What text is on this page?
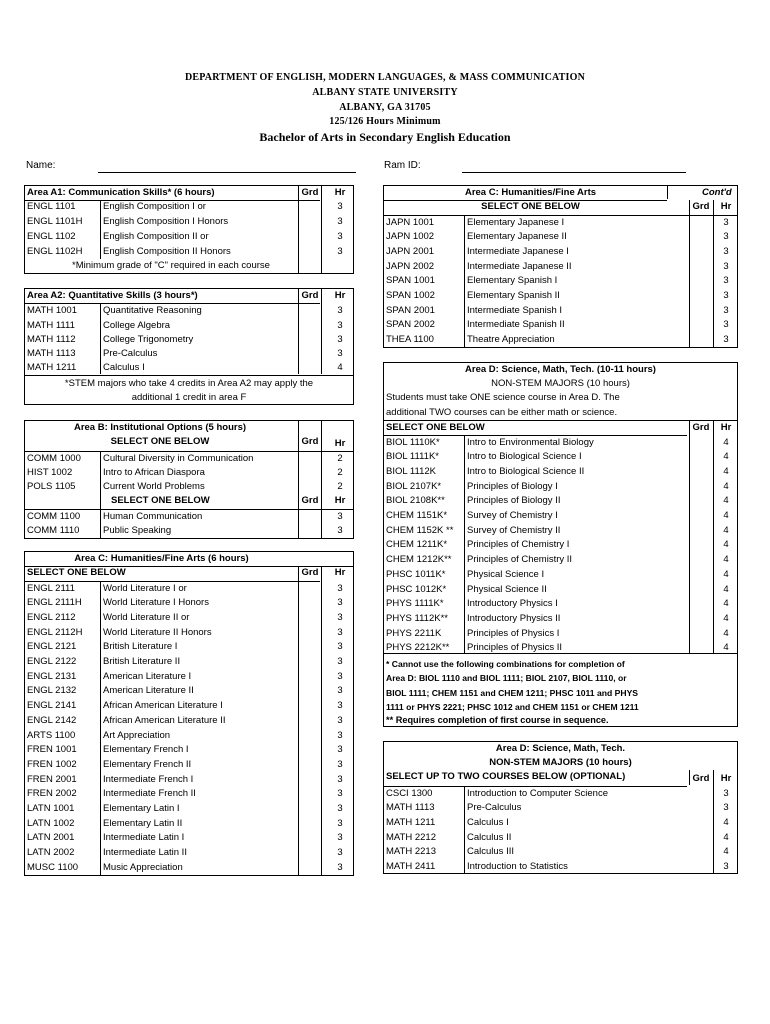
DEPARTMENT OF ENGLISH, MODERN LANGUAGES, & MASS COMMUNICATION
ALBANY STATE UNIVERSITY
ALBANY, GA 31705
125/126 Hours Minimum
Bachelor of Arts in Secondary English Education
Name:	Ram ID:
Area A1: Communication Skills* (6 hours)	Grd	Hr
ENGL 1101	English Composition I or	3
ENGL 1101H English Composition I Honors	3
ENGL 1102	English Composition II or	3
ENGL 1102H English Composition II Honors	3
*Minimum grade of "C" required in each course
Area A2: Quantitative Skills (3 hours*)	Grd	Hr
MATH 1001	Quantitative Reasoning	3
MATH 1111	College Algebra	3
MATH 1112	College Trigonometry	3
MATH 1113	Pre-Calculus	3
MATH 1211	Calculus I	4
*STEM majors who take 4 credits in Area A2 may apply the
additional 1 credit in area F
Area B: Institutional Options (5 hours)
SELECT ONE BELOW	Grd	Hr
COMM 1000 Cultural Diversity in Communication	2
HIST 1002	Intro to African Diaspora	2
POLS 1105	Current World Problems	2
SELECT ONE BELOW	Grd	Hr
COMM 1100 Human Communication	3
COMM 1110 Public Speaking	3
Area C: Humanities/Fine Arts (6 hours)
SELECT ONE BELOW	Grd	Hr
ENGL 2111	World Literature I or	3
ENGL 2111H World Literature I Honors	3
ENGL 2112	World Literature II or	3
ENGL 2112H World Literature II Honors	3
ENGL 2121	British Literature I	3
ENGL 2122	British Literature II	3
ENGL 2131	American Literature I	3
ENGL 2132	American Literature II	3
ENGL 2141	African American Literature I	3
ENGL 2142	African American Literature II	3
ARTS 1100	Art Appreciation	3
FREN 1001	Elementary French I	3
FREN 1002	Elementary French II	3
FREN 2001	Intermediate French I	3
FREN 2002	Intermediate French II	3
LATN 1001	Elementary Latin I	3
LATN 1002	Elementary Latin II	3
LATN 2001	Intermediate Latin I	3
LATN 2002	Intermediate Latin II	3
MUSC 1100	Music Appreciation	3
Area C: Humanities/Fine Arts	Cont'd
SELECT ONE BELOW	Grd	Hr
JAPN 1001	Elementary Japanese I	3
JAPN 1002	Elementary Japanese II	3
JAPN 2001	Intermediate Japanese I	3
JAPN 2002	Intermediate Japanese II	3
SPAN 1001	Elementary Spanish I	3
SPAN 1002	Elementary Spanish II	3
SPAN 2001	Intermediate Spanish I	3
SPAN 2002	Intermediate Spanish II	3
THEA 1100	Theatre Appreciation	3
Area D: Science, Math, Tech. (10-11 hours)
NON-STEM MAJORS (10 hours)
Students must take ONE science course in Area D. The
additional TWO courses can be either math or science.
SELECT ONE BELOW	Grd	Hr
BIOL 1110K*	Intro to Environmental Biology	4
BIOL 1111K*	Intro to Biological Science I	4
BIOL 1112K	Intro to Biological Science II	4
BIOL 2107K*	Principles of Biology I	4
BIOL 2108K** Principles of Biology II	4
CHEM 1151K* Survey of Chemistry I	4
CHEM 1152K ** Survey of Chemistry II	4
CHEM 1211K* Principles of Chemistry I	4
CHEM 1212K** Principles of Chemistry II	4
PHSC 1011K* Physical Science I	4
PHSC 1012K* Physical Science II	4
PHYS 1111K* Introductory Physics I	4
PHYS 1112K** Introductory Physics II	4
PHYS 2211K	Principles of Physics I	4
PHYS 2212K** Principles of Physics II	4
* Cannot use the following combinations for completion of
Area D: BIOL 1110 and BIOL 1111; BIOL 2107, BIOL 1110, or
BIOL 1111; CHEM 1151 and CHEM 1211; PHSC 1011 and PHYS
1111 or PHYS 2221; PHSC 1012 and CHEM 1151 or CHEM 1211
** Requires completion of first course in sequence.
Area D: Science, Math, Tech.
NON-STEM MAJORS (10 hours)
SELECT UP TO TWO COURSES BELOW (OPTIONAL)	Grd	Hr
CSCI 1300	Introduction to Computer Science	3
MATH 1113	Pre-Calculus	3
MATH 1211	Calculus I	4
MATH 2212	Calculus II	4
MATH 2213	Calculus III	4
MATH 2411	Introduction to Statistics	3
